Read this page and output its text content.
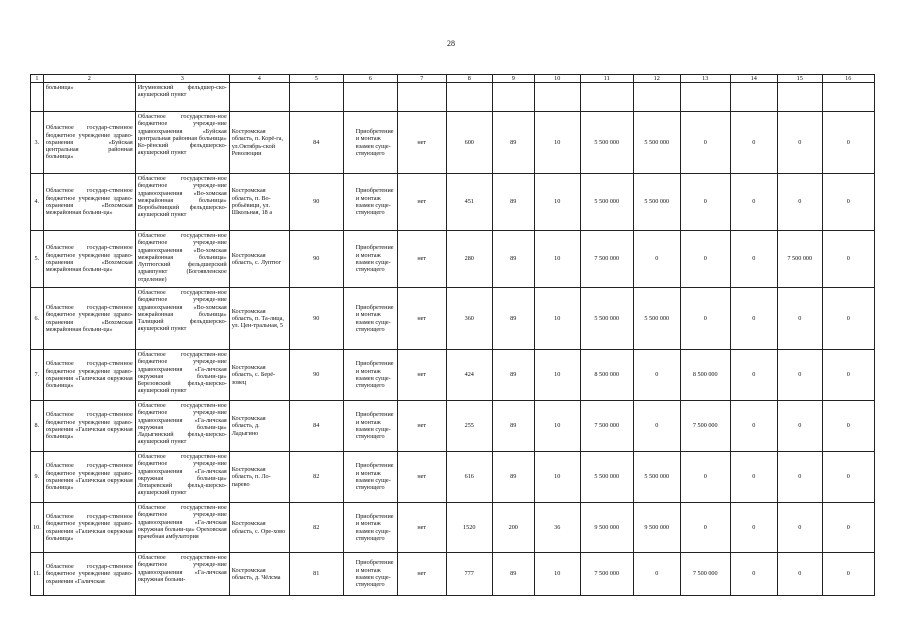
28
1	2	3	4	5	6	7	8	9	10	11	12	13	14	15	16
	больница»	Игумновский фельдшер-ско-акушерский пункт													
3.	Областное государ-ственное бюджетное учреждение здраво-охранения «Буйская центральная районная больница»	Областное государствен-ное бюджетное учрежде-ние здравоохранения «Буйская центральная районная больница» Ко-рёнский фельдшерско-акушерский пункт	Костромская область, п. Корё-га, ул.Октябрь-ской Революции	84	Приобретение и монтаж взамен суще-ствующего	нет	600	89	10	5 500 000	5 500 000	0	0	0	0
4.	Областное государ-ственное бюджетное учреждение здраво-охранения «Вохомская межрайонная больни-ца»	Областное государствен-ное бюджетное учрежде-ние здравоохранения «Во-хомская межрайонная больница» Воробьёвицкий фельдшерско-акушерский пункт	Костромская область, п. Во-робьёвици, ул. Школьная, 18 а	90	Приобретение и монтаж взамен суще-ствующего	нет	451	89	10	5 500 000	5 500 000	0	0	0	0
5.	Областное государ-ственное бюджетное учреждение здраво-охранения «Вохомская межрайонная больни-ца»	Областное государствен-ное бюджетное учрежде-ние здравоохранения «Во-хомская межрайонная больница» Луптюгский фельдшерский здравпункт (Богоявленское отделение)	Костромская область, с. Луптюг	90	Приобретение и монтаж взамен суще-ствующего	нет	280	89	10	7 500 000	0	0	0	7 500 000	0
6.	Областное государ-ственное бюджетное учреждение здраво-охранения «Вохомская межрайонная больни-ца»	Областное государствен-ное бюджетное учрежде-ние здравоохранения «Во-хомская межрайонная больница» Талицкий фельдшерско-акушерский пункт	Костромская область, п. Та-лица, ул. Цен-тральная, 5	90	Приобретение и монтаж взамен суще-ствующего	нет	360	89	10	5 500 000	5 500 000	0	0	0	0
7.	Областное государ-ственное бюджетное учреждение здраво-охранения «Галичская окружная больница»	Областное государствен-ное бюджетное учрежде-ние здравоохранения «Га-личская окружная больни-ца» Березовский фельд-шерско-акушерский пункт	Костромская область, с. Берё-зовец	90	Приобретение и монтаж взамен суще-ствующего	нет	424	89	10	8 500 000	0	8 500 000	0	0	0
8.	Областное государ-ственное бюджетное учреждение здраво-охранения «Галичская окружная больница»	Областное государствен-ное бюджетное учрежде-ние здравоохранения «Га-личская окружная больни-ца» Ладыгинский фельд-шерско-акушерский пункт	Костромская область, д. Ладыгино	84	Приобретение и монтаж взамен суще-ствующего	нет	255	89	10	7 500 000	0	7 500 000	0	0	0
9.	Областное государ-ственное бюджетное учреждение здраво-охранения «Галичская окружная больница»	Областное государствен-ное бюджетное учрежде-ние здравоохранения «Га-личская окружная больни-ца» Лопаревский фельд-шерско-акушерский пункт	Костромская область, п. Ло-парево	82	Приобретение и монтаж взамен суще-ствующего	нет	616	89	10	5 500 000	5 500 000	0	0	0	0
10.	Областное государ-ственное бюджетное учреждение здраво-охранения «Галичская окружная больница»	Областное государствен-ное бюджетное учрежде-ние здравоохранения «Га-личская окружная больни-ца» Ореховская врачебная амбулатория	Костромская область, с. Оре-хово	82	Приобретение и монтаж взамен суще-ствующего	нет	1520	200	36	9 500 000	9 500 000	0	0	0	0
11.	Областное государ-ственное бюджетное учреждение здраво-охранения «Галичская	Областное государствен-ное бюджетное учрежде-ние здравоохранения «Га-личская окружная больни-	Костромская область, д. Чёлсма	81	Приобретение и монтаж взамен суще-ствующего	нет	777	89	10	7 500 000	0	7 500 000	0	0	0
